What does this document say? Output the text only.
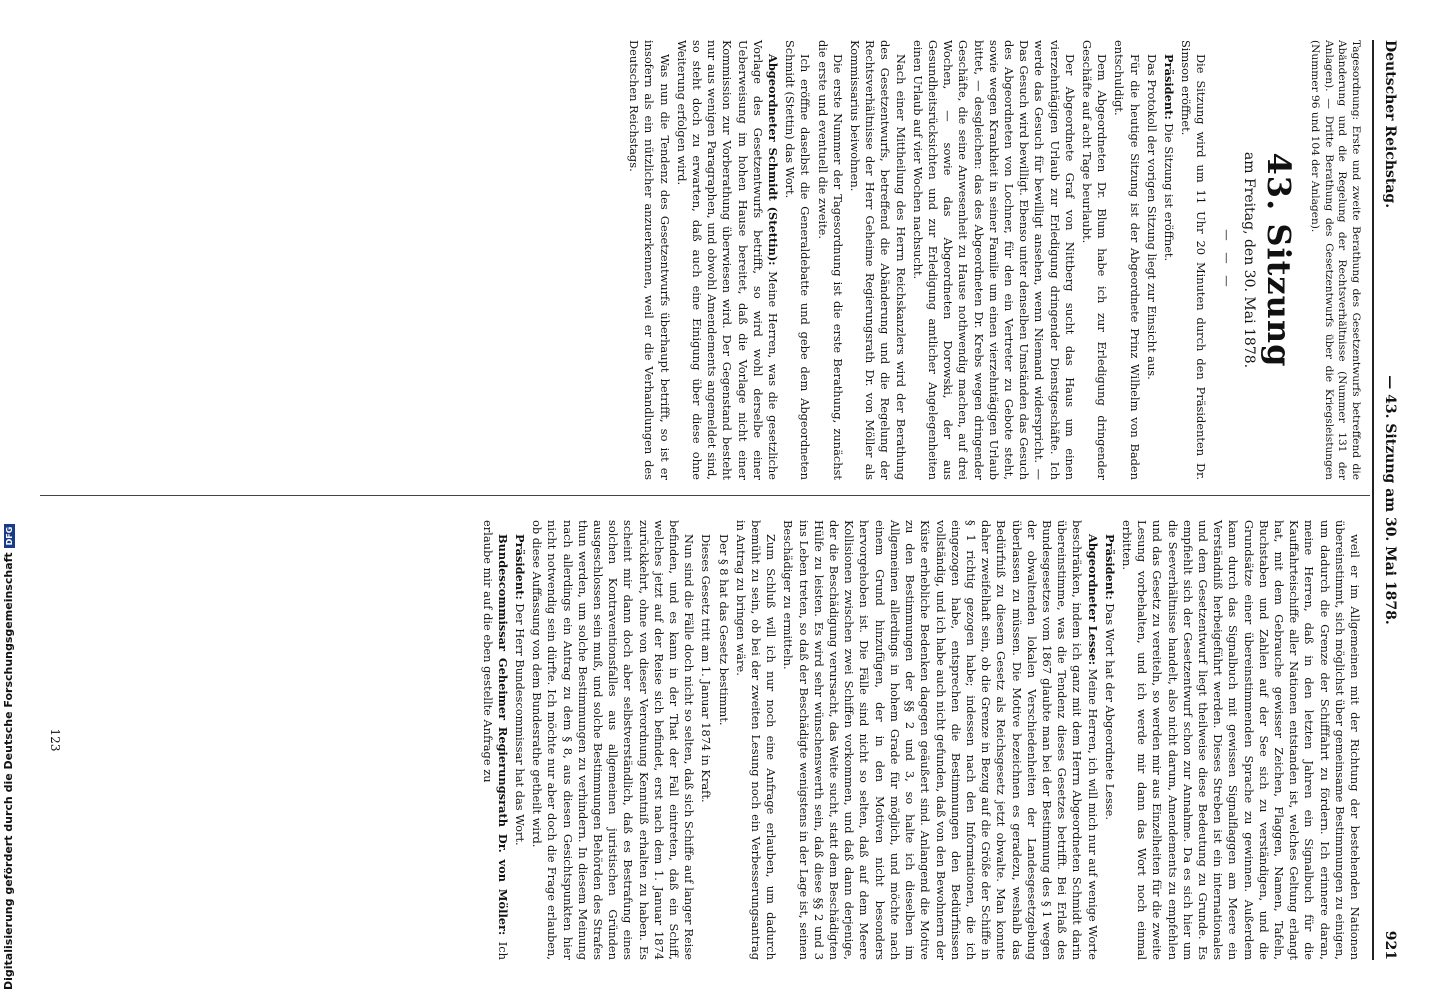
Deutscher Reichstag.
— 43. Sitzung am 30. Mai 1878.
921

Tagesordnung: Erste und zweite Berathung des Gesetzentwurfs betreffend die Abänderung und die Regelung der Rechtsverhältnisse (Nummer 131 der Anlagen). — Dritte Berathung des Gesetzentwurfs über die Kriegsleistungen (Nummer 96 und 104 der Anlagen).

43. Sitzung

am Freitag, den 30. Mai 1878.

— — —

Die Sitzung wird um 11 Uhr 20 Minuten durch den Präsidenten Dr. Simson eröffnet.

Präsident: Die Sitzung ist eröffnet.

Das Protokoll der vorigen Sitzung liegt zur Einsicht aus.

Für die heutige Sitzung ist der Abgeordnete Prinz Wilhelm von Baden entschuldigt.

Dem Abgeordneten Dr. Blum habe ich zur Erledigung dringender Geschäfte auf acht Tage beurlaubt.

Der Abgeordnete Graf von Nittberg sucht das Haus um einen vierzehntägigen Urlaub zur Erledigung dringender Dienstgeschäfte. Ich werde das Gesuch für bewilligt ansehen, wenn Niemand widerspricht. — Das Gesuch wird bewilligt. Ebenso unter denselben Umständen das Gesuch des Abgeordneten von Lochner, für den ein Vertreter zu Gebote steht, sowie wegen Krankheit in seiner Familie um einen vierzehntägigen Urlaub bittet, — desgleichen: das des Abgeordneten Dr. Krebs wegen dringender Geschäfte, die seine Anwesenheit zu Hause nothwendig machen, auf drei Wochen, — sowie das Abgeordneten Dorowski, der aus Gesundheitsrücksichten und zur Erledigung amtlicher Angelegenheiten einen Urlaub auf vier Wochen nachsucht.

Nach einer Mittheilung des Herrn Reichskanzlers wird der Berathung des Gesetzentwurfs, betreffend die Abänderung und die Regelung der Rechtsverhältnisse der Herr Geheime Regierungsrath Dr. von Möller als Kommissarius beiwohnen.

Die erste Nummer der Tagesordnung ist die erste Berathung, zunächst die erste und eventuell die zweite.

Ich eröffne daselbst die Generaldebatte und gebe dem Abgeordneten Schmidt (Stettin) das Wort.

Abgeordneter Schmidt (Stettin): Meine Herren, was die gesetzliche Vorlage des Gesetzentwurfs betrifft, so wird wohl derselbe einer Ueberweisung im hohen Hause bereitet, daß die Vorlage nicht einer Kommission zur Vorberathung überwiesen wird. Der Gegenstand besteht nur aus wenigen Paragraphen, und obwohl Amendements angemeldet sind, so steht doch zu erwarten, daß auch eine Einigung über diese ohne Weiterung erfolgen wird.

Was nun die Tendenz des Gesetzentwurfs überhaupt betrifft, so ist er insofern als ein nützlicher anzuerkennen, weil er die Verhandlungen des Deutschen Reichstags.

weil er im Allgemeinen mit der Richtung der bestehenden Nationen übereinstimmt, sich möglichst über gemeinsame Bestimmungen zu einigen, um dadurch die Grenze der Schifffahrt zu fördern. Ich erinnere daran, meine Herren, daß in den letzten Jahren ein Signalbuch für die Kauffahrteischiffe aller Nationen entstanden ist, welches Geltung erlangt hat, mit dem Gebrauche gewisser Zeichen, Flaggen, Namen, Tafeln, Buchstaben und Zahlen auf der See sich zu verständigen, und die Grundsätze einer übereinstimmenden Sprache zu gewinnen. Außerdem kann durch das Signalbuch mit gewissen Signalflaggen am Meere ein Verständniß herbeigeführt werden. Dieses Streben ist ein internationales und dem Gesetzentwurf liegt theilweise diese Bedeutung zu Grunde. Es empfiehlt sich der Gesetzentwurf schon zur Annahme. Da es sich hier um die Seeverhältnisse handelt, also nicht darum, Amendements zu empfehlen und das Gesetz zu vereiteln, so werden mir aus Einzelheiten für die zweite Lesung vorbehalten, und ich werde mir dann das Wort noch einmal erbitten.

Präsident: Das Wort hat der Abgeordnete Lesse.

Abgeordneter Lesse: Meine Herren, ich will mich nur auf wenige Worte beschränken, indem ich ganz mit dem Herrn Abgeordneten Schmidt darin übereinstimme, was die Tendenz dieses Gesetzes betrifft. Bei Erlaß des Bundesgesetzes vom 1867 glaubte man bei der Bestimmung des § 1 wegen der obwaltenden lokalen Verschiedenheiten der Landesgesetzgebung überlassen zu müssen. Die Motive bezeichnen es geradezu, weshalb das Bedürfniß zu diesem Gesetz als Reichsgesetz jetzt obwalte. Man konnte daher zweifelhaft sein, ob die Grenze in Bezug auf die Größe der Schiffe in § 1 richtig gezogen habe; indessen nach den Informationen, die ich eingezogen habe, entsprechen die Bestimmungen den Bedürfnissen vollständig, und ich habe auch nicht gefunden, daß von den Bewohnern der Küste erhebliche Bedenken dagegen geäußert sind. Anlangend die Motive zu den Bestimmungen der §§ 2 und 3, so halte ich dieselben im Allgemeinen allerdings in hohem Grade für möglich, und möchte nach einem Grund hinzufügen, der in den Motiven nicht besonders hervorgehoben ist. Die Fälle sind nicht so selten, daß auf dem Meere Kollisionen zwischen zwei Schiffen vorkommen, und daß dann derjenige, der die Beschädigung verursacht, das Weite sucht, statt dem Beschädigten Hülfe zu leisten. Es wird sehr wünschenswerth sein, daß diese §§ 2 und 3 ins Leben treten, so daß der Beschädigte wenigstens in der Lage ist, seinen Beschädiger zu ermitteln.

Zum Schluß will ich nur noch eine Anfrage erlauben, um dadurch bemüht zu sein, ob bei der zweiten Lesung noch ein Verbesserungsantrag in Antrag zu bringen wäre.

Der § 8 hat das Gesetz bestimmt.

Dieses Gesetz tritt am 1. Januar 1874 in Kraft.

Nun sind die Fälle doch nicht so selten, daß sich Schiffe auf langer Reise befinden, und es kann in der That der Fall eintreten, daß ein Schiff, welches jetzt auf der Reise sich befindet, erst nach dem 1. Januar 1874 zurückkehrt, ohne von dieser Verordnung Kenntniß erhalten zu haben. Es scheint mir dann doch aber selbstverständlich, daß es Bestrafung eines solchen Kontraventionsfalles aus allgemeinen juristischen Gründen ausgeschlossen sein muß, und solche Bestimmungen Behörden des Strafes thun werden, um solche Bestimmungen zu verhindern. In diesem Meinung nach allerdings ein Antrag zu dem § 8, aus diesen Gesichtspunkten hier nicht notwendig sein dürfte. Ich möchte nur aber doch die Frage erlauben, ob diese Auffassung von dem Bundesrathe getheilt wird.

Präsident: Der Herr Bundescommissar hat das Wort.

Bundescommissar Geheimer Regierungsrath Dr. von Möller: Ich erlaube mir auf die eben gestellte Anfrage zu

123
Digitalisierung gefördert durch die Deutsche ForschungsgemeinschaftDFG
